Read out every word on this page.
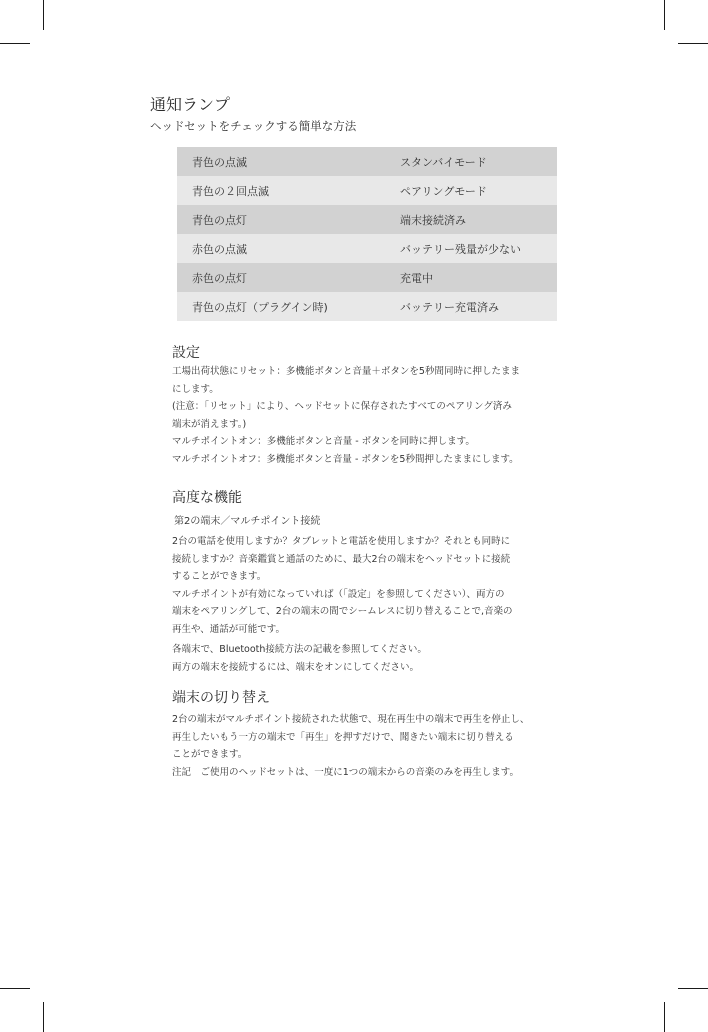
通知ランプ
ヘッドセットをチェックする簡単な方法
青色の点滅	スタンバイモード
青色の２回点滅	ペアリングモード
青色の点灯	端末接続済み
赤色の点滅	バッテリー残量が少ない
赤色の点灯	充電中
青色の点灯（プラグイン時)	バッテリー充電済み
設定
工場出荷状態にリセット：多機能ボタンと音量＋ボタンを5秒間同時に押したまま
にします。
(注意：「リセット」により、ヘッドセットに保存されたすべてのペアリング済み
端末が消えます。)
マルチポイントオン：多機能ボタンと音量 - ボタンを同時に押します。
マルチポイントオフ：多機能ボタンと音量 - ボタンを5秒間押したままにします。
高度な機能
第2の端末／マルチポイント接続
2台の電話を使用しますか？タブレットと電話を使用しますか？それとも同時に
接続しますか？音楽鑑賞と通話のために、最大2台の端末をヘッドセットに接続
することができます。
マルチポイントが有効になっていれば（「設定」を参照してください）、両方の
端末をペアリングして、2台の端末の間でシームレスに切り替えることで,音楽の
再生や、通話が可能です。
各端末で、Bluetooth接続方法の記載を参照してください。
両方の端末を接続するには、端末をオンにしてください。
端末の切り替え
2台の端末がマルチポイント接続された状態で、現在再生中の端末で再生を停止し、
再生したいもう一方の端末で「再生」を押すだけで、聞きたい端末に切り替える
ことができます。
注記　ご使用のヘッドセットは、一度に1つの端末からの音楽のみを再生します。
